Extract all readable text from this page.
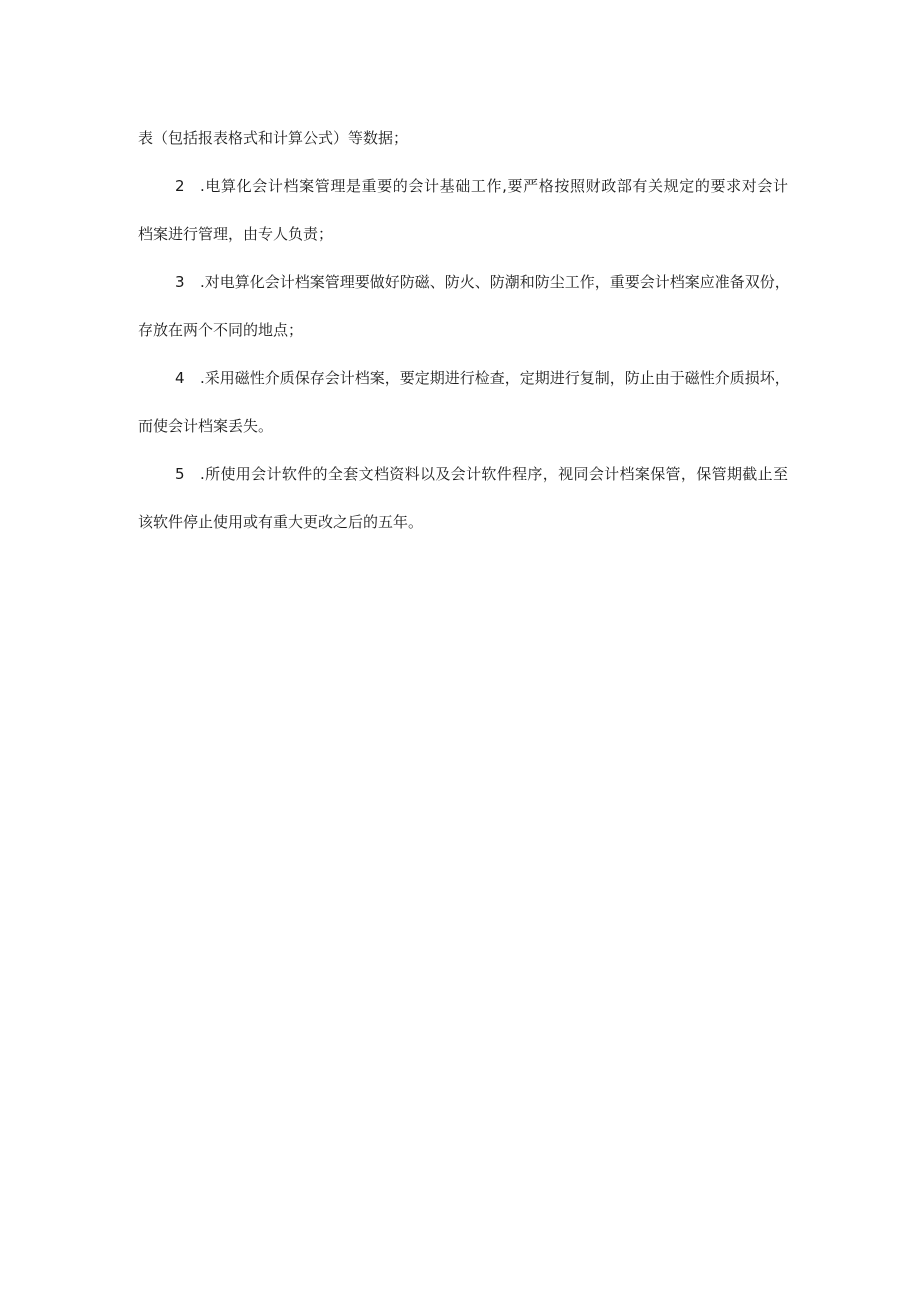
表（包括报表格式和计算公式）等数据；
2	.电算化会计档案管理是重要的会计基础工作,要严格按照财政部有关规定的要求对会计
档案进行管理，由专人负责；
3	.对电算化会计档案管理要做好防磁、防火、防潮和防尘工作，重要会计档案应准备双份，
存放在两个不同的地点；
4	.采用磁性介质保存会计档案，要定期进行检查，定期进行复制，防止由于磁性介质损坏，
而使会计档案丢失。
5	.所使用会计软件的全套文档资料以及会计软件程序，视同会计档案保管，保管期截止至
该软件停止使用或有重大更改之后的五年。
